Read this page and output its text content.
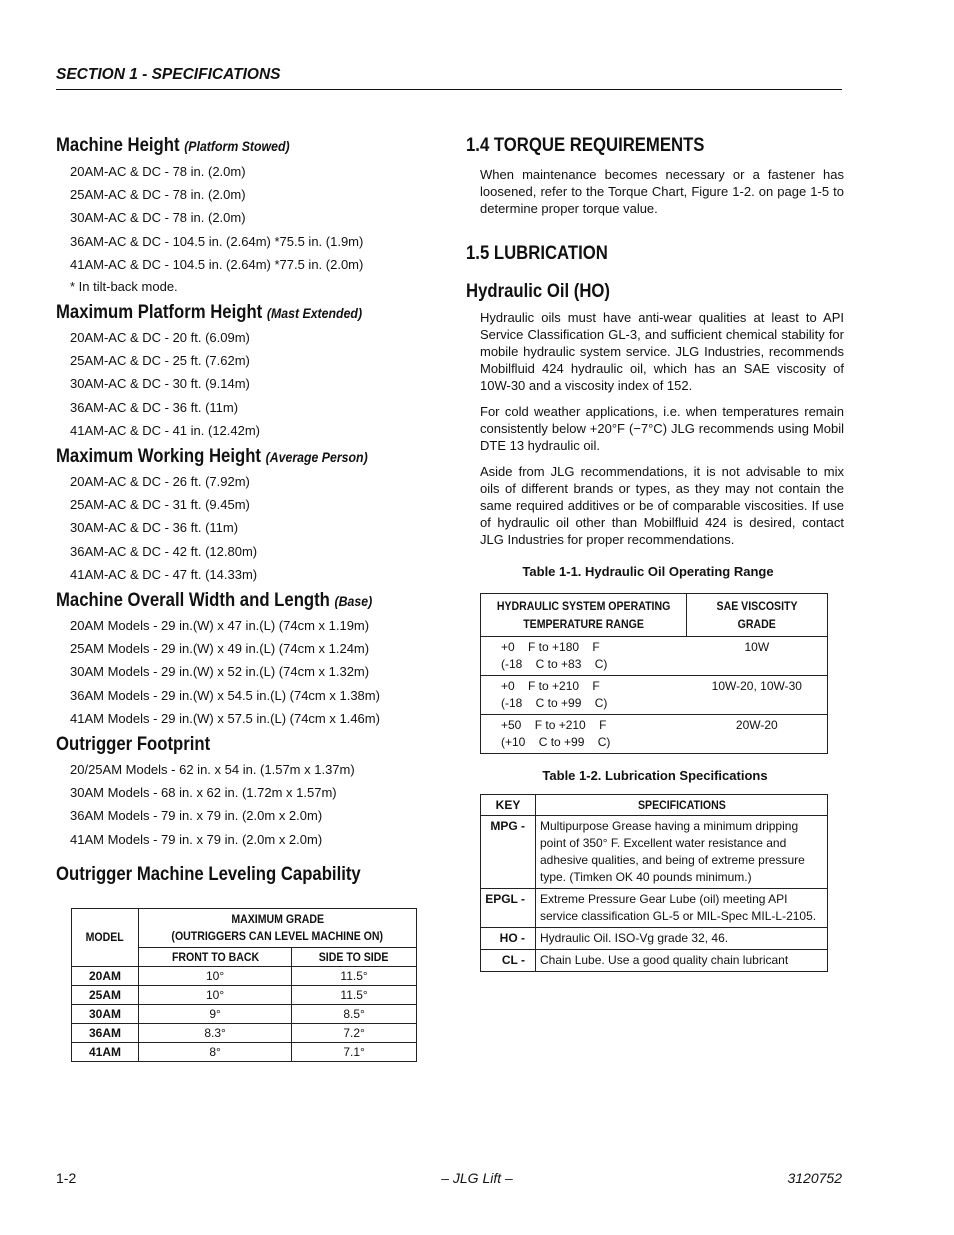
SECTION 1 - SPECIFICATIONS
Machine Height (Platform Stowed)
20AM-AC & DC - 78 in. (2.0m)
25AM-AC & DC - 78 in. (2.0m)
30AM-AC & DC - 78 in. (2.0m)
36AM-AC & DC - 104.5 in. (2.64m) *75.5 in. (1.9m)
41AM-AC & DC - 104.5 in. (2.64m) *77.5 in. (2.0m)
* In tilt-back mode.
Maximum Platform Height (Mast Extended)
20AM-AC & DC - 20 ft. (6.09m)
25AM-AC & DC - 25 ft. (7.62m)
30AM-AC & DC - 30 ft. (9.14m)
36AM-AC & DC - 36 ft. (11m)
41AM-AC & DC - 41 in. (12.42m)
Maximum Working Height (Average Person)
20AM-AC & DC - 26 ft. (7.92m)
25AM-AC & DC - 31 ft. (9.45m)
30AM-AC & DC - 36 ft. (11m)
36AM-AC & DC - 42 ft. (12.80m)
41AM-AC & DC - 47 ft. (14.33m)
Machine Overall Width and Length (Base)
20AM Models - 29 in.(W) x 47 in.(L) (74cm x 1.19m)
25AM Models - 29 in.(W) x 49 in.(L) (74cm x 1.24m)
30AM Models - 29 in.(W) x 52 in.(L) (74cm x 1.32m)
36AM Models - 29 in.(W) x 54.5 in.(L) (74cm x 1.38m)
41AM Models - 29 in.(W) x 57.5 in.(L) (74cm x 1.46m)
Outrigger Footprint
20/25AM Models - 62 in. x 54 in. (1.57m x 1.37m)
30AM Models - 68 in. x 62 in. (1.72m x 1.57m)
36AM Models - 79 in. x 79 in. (2.0m x 2.0m)
41AM Models - 79 in. x 79 in. (2.0m x 2.0m)
Outrigger Machine Leveling Capability
MODEL	MAXIMUM GRADE
(OUTRIGGERS CAN LEVEL MACHINE ON)	
	FRONT TO BACK	SIDE TO SIDE
20AM	10°	11.5°
25AM	10°	11.5°
30AM	9°	8.5°
36AM	8.3°	7.2°
41AM	8°	7.1°
1.4 TORQUE REQUIREMENTS
When maintenance becomes necessary or a fastener has loosened, refer to the Torque Chart, Figure 1-2. on page 1-5 to determine proper torque value.
1.5 LUBRICATION
Hydraulic Oil (HO)
Hydraulic oils must have anti-wear qualities at least to API Service Classification GL-3, and sufficient chemical stability for mobile hydraulic system service. JLG Industries, recommends Mobilfluid 424 hydraulic oil, which has an SAE viscosity of 10W-30 and a viscosity index of 152.
For cold weather applications, i.e. when temperatures remain consistently below +20°F (−7°C) JLG recommends using Mobil DTE 13 hydraulic oil.
Aside from JLG recommendations, it is not advisable to mix oils of different brands or types, as they may not contain the same required additives or be of comparable viscosities. If use of hydraulic oil other than Mobilfluid 424 is desired, contact JLG Industries for proper recommendations.
Table 1-1. Hydraulic Oil Operating Range
HYDRAULIC SYSTEM OPERATING
TEMPERATURE RANGE	SAE VISCOSITY
GRADE
+0    F to +180    F
(-18    C to +83    C)	10W
+0    F to +210    F
(-18    C to +99    C)	10W-20, 10W-30
+50    F to +210    F
(+10    C to +99    C)	20W-20
Table 1-2. Lubrication Specifications
KEY	SPECIFICATIONS
MPG -	Multipurpose Grease having a minimum dripping point of 350° F. Excellent water resistance and adhesive qualities, and being of extreme pressure type. (Timken OK 40 pounds minimum.)
EPGL -	Extreme Pressure Gear Lube (oil) meeting API service classification GL-5 or MIL-Spec MIL-L-2105.
HO -	Hydraulic Oil. ISO-Vg grade 32, 46.
CL -	Chain Lube. Use a good quality chain lubricant
1-2	– JLG Lift –	3120752
